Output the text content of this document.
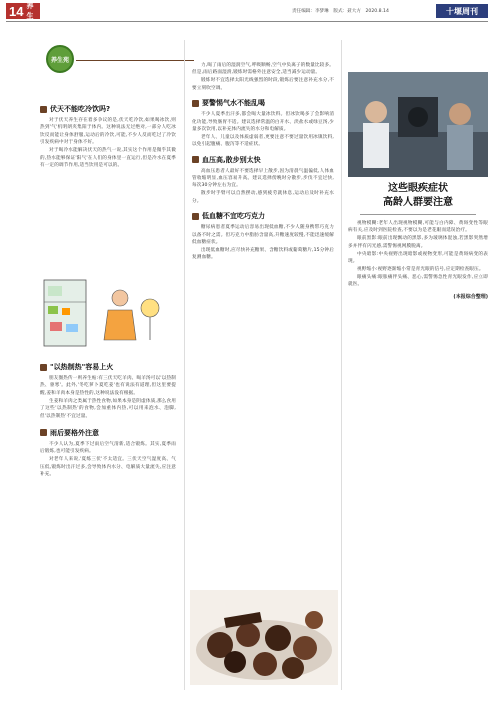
14 养生
责任编辑：李梦琳　版式：聂大方　2020.8.14	十堰周刊
养生苑
伏天不能吃冷饮吗?

对于伏天养生存在着多争议的是,伏天吃冷饮,如果喝冰饮,则热到'气'机明朗夹集阳于体内。这种说法无过绝对,一部分人吃冰饮反而能让身体舒服,运动后的冷饮,可能,不少人反而吃过了冷饮引发疾病中对于身体不好。

对于喝冷水能解决伏天的热气一说,其实这个作用是微乎其微的,热水能够保证'阳气'在人们的身体里一直运行,但是冷水在夏季有一定的调节作用,适当饮用是可以的。

"以热制热"容易上火

朋友圈热传一则养生帖:有三伏天吃羊肉、喝羊汤可以'以热制热、驱寒'。此外,'冬吃萝卜夏吃姜'也有说法有道理,但这里要提醒,姜和羊肉本身是热性的,这种说法没有根据。

生姜和羊肉之类属于热性食物,如果本身是阴虚体质,那么食用了这些'以热制热'的食物,会加重体内热,可以用来泡水、泡脚,但'以热制热'不宜过量。

雨后要格外注意

不少人认为,夏季下过雨后空气清新,适合锻炼。其实,夏季雨后锻炼,也可能引发疾病。

对老年人来说,'夏练三伏'不太适宜。三伏天空气湿度高、气压低,锻炼时出汗过多,会导致体内水分、电解质大量流失,应注意补充。

力,喝了雨后的湿润空气,呼吸顺畅,空气中负离子的数量比较多。但是,雨后路面湿滑,锻炼时需格外注意安全,适当减少运动量。

锻炼时不宜选择太阳光线强烈的时段,锻炼后要注意补充水分,不要立刻吹空调。

要警惕气水不能乱喝

不少人夏季出汗多,都会喝大量冰饮料。但冰饮喝多了会影响消化功能,导致肠胃不适。建议选择常温的白开水、淡盐水或绿豆汤,少量多次饮用,以补充体内流失的水分和电解质。

老年人、儿童以及体质虚弱者,更要注意不要过量饮用冰镇饮料,以免引起腹痛、腹泻等不适症状。

血压高,散步别太快

高血压患者人最好不要选择早上散步,因为清晨气温偏低,人体血管收缩明显,血压容易升高。建议选择傍晚时分散步,步伐不宜过快,每次30分钟左右为宜。

散步时手臂可以自然摆动,感到疲劳就休息,运动后及时补充水分。

低血糖不宜吃巧克力

糖尿病患者夏季运动后容易出现低血糖,不少人随身携带巧克力以备不时之需。但巧克力中脂肪含量高,升糖速度较慢,不能迅速缓解低血糖症状。

出现低血糖时,应尽快补充糖果、含糖饮料或葡萄糖片,15分钟后复测血糖。

这些眼疾症状
高龄人群要注意

视物模糊:老年人出现视物模糊,可能与白内障、黄斑变性等眼病有关,应及时到医院检查,不要以为是老花眼而延误治疗。

眼前黑影:眼前出现飘动的黑影,多为玻璃体混浊,若黑影突然增多并伴有闪光感,需警惕视网膜脱离。

中央暗影:中央视野出现暗影或视物变形,可能是黄斑病变的表现。

视野缩小:视野逐渐缩小常是青光眼的信号,应定期检查眼压。

眼痛头痛:眼胀痛伴头痛、恶心,需警惕急性青光眼发作,应立即就医。

(本报综合整理)
